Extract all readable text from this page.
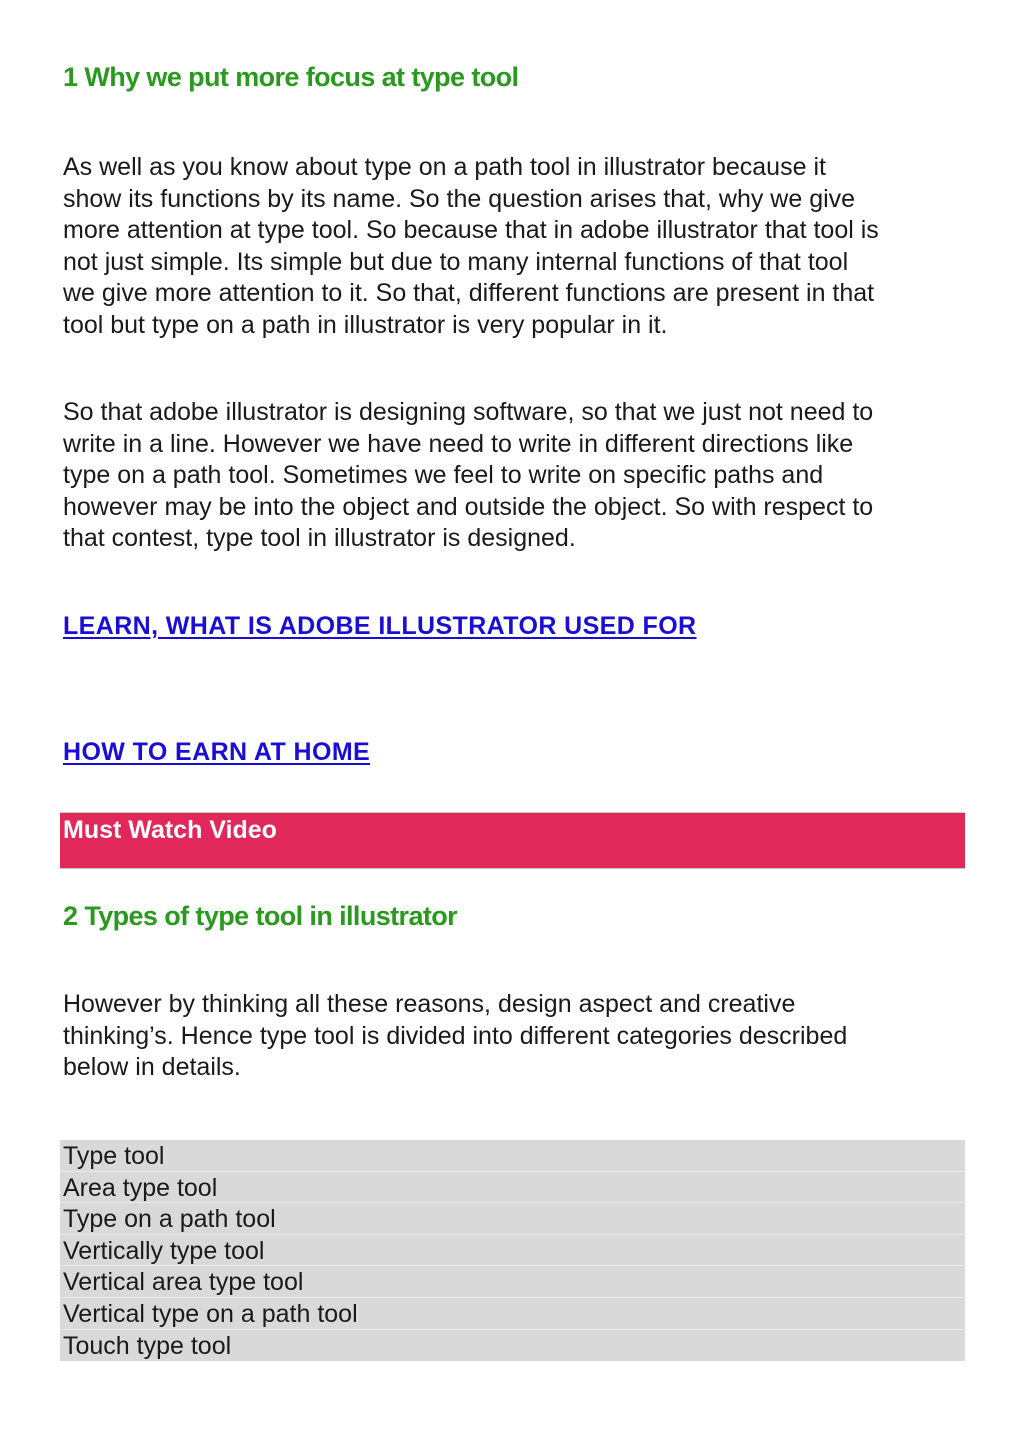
1 Why we put more focus at type tool
As well as you know about type on a path tool in illustrator because it
show its functions by its name. So the question arises that, why we give
more attention at type tool. So because that in adobe illustrator that tool is
not just simple. Its simple but due to many internal functions of that tool
we give more attention to it. So that, different functions are present in that
tool but type on a path in illustrator is very popular in it.
So that adobe illustrator is designing software, so that we just not need to
write in a line. However we have need to write in different directions like
type on a path tool. Sometimes we feel to write on specific paths and
however may be into the object and outside the object. So with respect to
that contest, type tool in illustrator is designed.
LEARN, WHAT IS ADOBE ILLUSTRATOR USED FOR
HOW TO EARN AT HOME
Must Watch Video
2 Types of type tool in illustrator
However by thinking all these reasons, design aspect and creative
thinking’s. Hence type tool is divided into different categories described
below in details.
Type tool
Area type tool
Type on a path tool
Vertically type tool
Vertical area type tool
Vertical type on a path tool
Touch type tool
